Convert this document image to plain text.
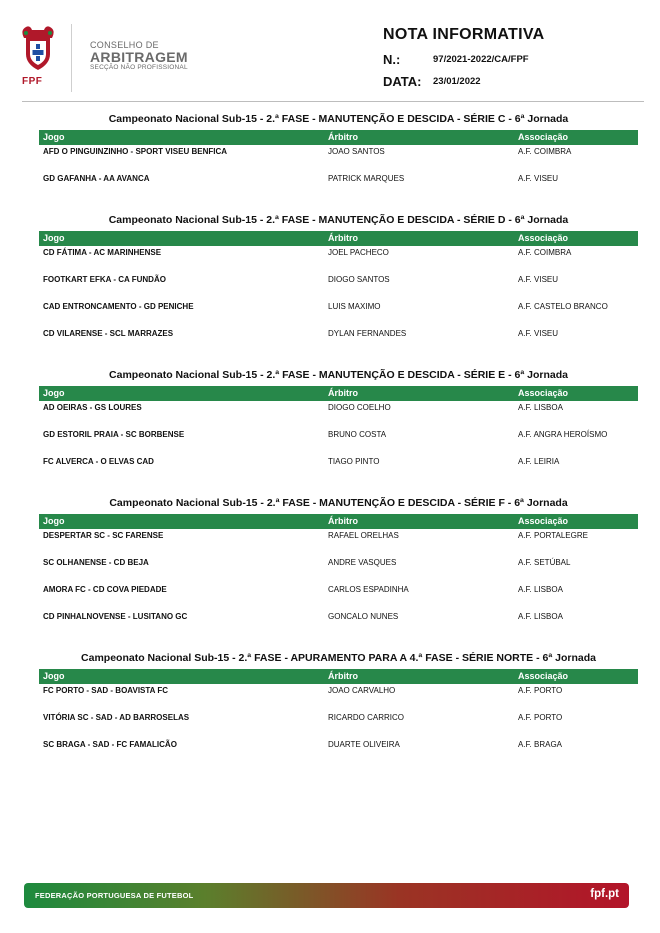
FPF
CONSELHO DE
ARBITRAGEM
SECÇÃO NÃO PROFISSIONAL
NOTA INFORMATIVA
N.:	97/2021-2022/CA/FPF
DATA: 23/01/2022
Campeonato Nacional Sub-15 - 2.ª FASE - MANUTENÇÃO E DESCIDA - SÉRIE C - 6ª Jornada
Jogo	Árbitro	Associação
AFD O PINGUINZINHO - SPORT VISEU BENFICA	JOAO SANTOS	A.F. COIMBRA
GD GAFANHA - AA AVANCA	PATRICK MARQUES	A.F. VISEU
Campeonato Nacional Sub-15 - 2.ª FASE - MANUTENÇÃO E DESCIDA - SÉRIE D - 6ª Jornada
Jogo	Árbitro	Associação
CD FÁTIMA - AC MARINHENSE	JOEL PACHECO	A.F. COIMBRA
FOOTKART EFKA - CA FUNDÃO	DIOGO SANTOS	A.F. VISEU
CAD ENTRONCAMENTO - GD PENICHE	LUIS MAXIMO	A.F. CASTELO BRANCO
CD VILARENSE - SCL MARRAZES	DYLAN FERNANDES	A.F. VISEU
Campeonato Nacional Sub-15 - 2.ª FASE - MANUTENÇÃO E DESCIDA - SÉRIE E - 6ª Jornada
Jogo	Árbitro	Associação
AD OEIRAS - GS LOURES	DIOGO COELHO	A.F. LISBOA
GD ESTORIL PRAIA - SC BORBENSE	BRUNO COSTA	A.F. ANGRA HEROÍSMO
FC ALVERCA - O ELVAS CAD	TIAGO PINTO	A.F. LEIRIA
Campeonato Nacional Sub-15 - 2.ª FASE - MANUTENÇÃO E DESCIDA - SÉRIE F - 6ª Jornada
Jogo	Árbitro	Associação
DESPERTAR SC - SC FARENSE	RAFAEL ORELHAS	A.F. PORTALEGRE
SC OLHANENSE - CD BEJA	ANDRE VASQUES	A.F. SETÚBAL
AMORA FC - CD COVA PIEDADE	CARLOS ESPADINHA	A.F. LISBOA
CD PINHALNOVENSE - LUSITANO GC	GONCALO NUNES	A.F. LISBOA
Campeonato Nacional Sub-15 - 2.ª FASE - APURAMENTO PARA A 4.ª FASE - SÉRIE NORTE - 6ª Jornada
Jogo	Árbitro	Associação
FC PORTO - SAD - BOAVISTA FC	JOAO CARVALHO	A.F. PORTO
VITÓRIA SC - SAD - AD BARROSELAS	RICARDO CARRICO	A.F. PORTO
SC BRAGA - SAD - FC FAMALICÃO	DUARTE OLIVEIRA	A.F. BRAGA
FEDERAÇÃO PORTUGUESA DE FUTEBOL	fpf.pt
